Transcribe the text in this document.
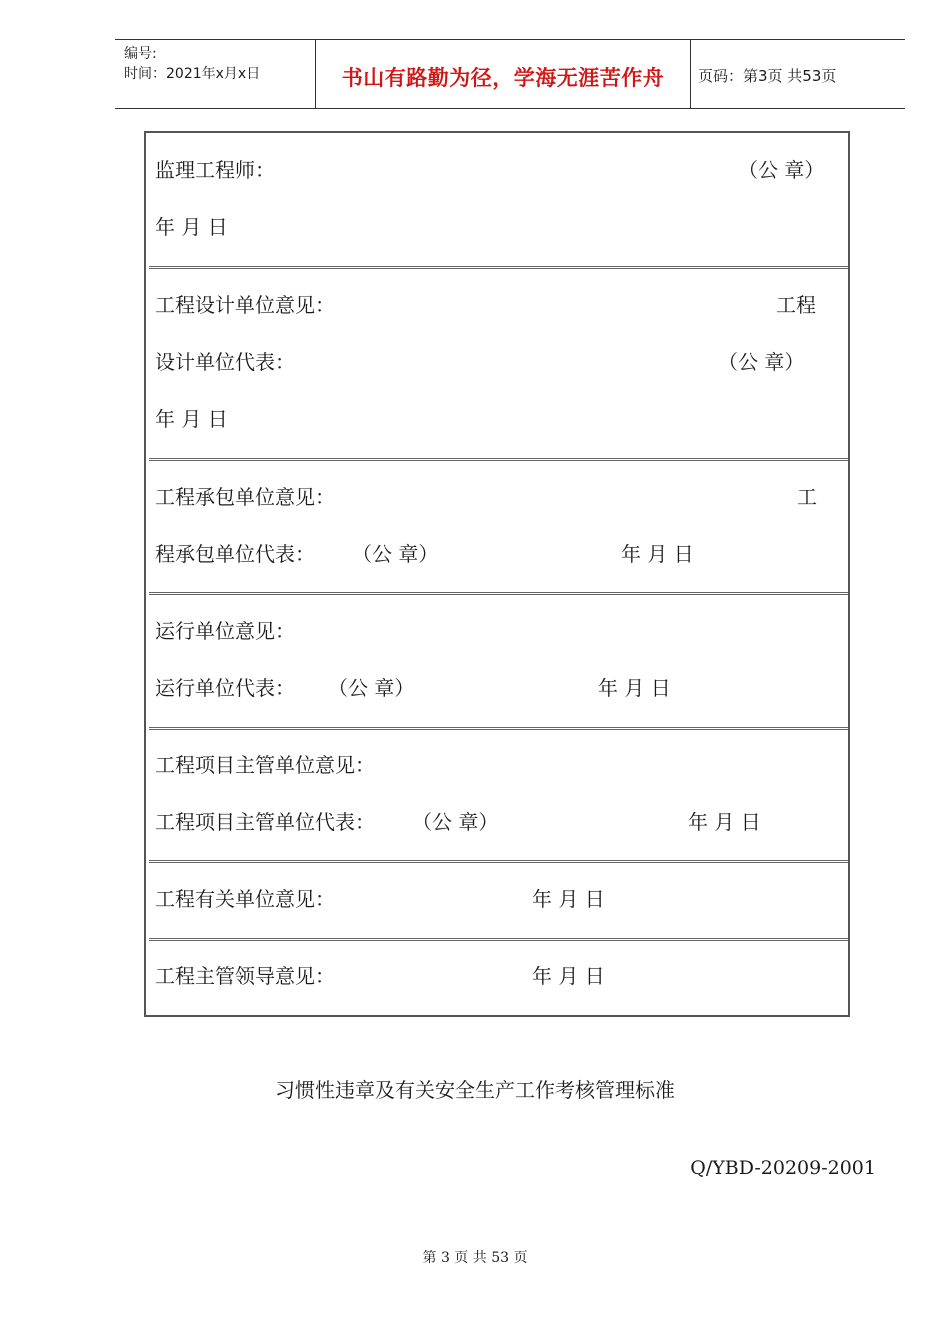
编号:
时间：2021年x月x日	书山有路勤为径，学海无涯苦作舟	页码：第3页 共53页
监理工程师：	（公 章）
年 月 日
工程设计单位意见：	工程
设计单位代表：	（公 章）
年 月 日
工程承包单位意见：	工
程承包单位代表： （公 章）	年 月 日
运行单位意见：
运行单位代表： （公 章）	年 月 日
工程项目主管单位意见：
工程项目主管单位代表： （公 章）	年 月 日
工程有关单位意见：	年 月 日
工程主管领导意见：	年 月 日
习惯性违章及有关安全生产工作考核管理标准
Q/YBD-20209-2001
第 3 页 共 53 页
